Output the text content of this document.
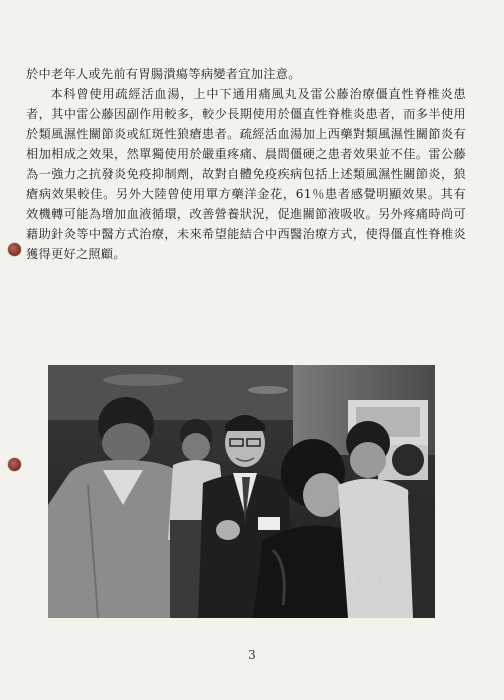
於中老年人或先前有胃腸潰瘍等病變者宜加注意。

本科曾使用疏經活血湯，上中下通用痛風丸及雷公藤治療僵直性脊椎炎患者，其中雷公藤因副作用較多，較少長期使用於僵直性脊椎炎患者，而多半使用於類風濕性關節炎或紅斑性狼瘡患者。疏經活血湯加上西藥對類風濕性關節炎有相加相成之效果，然單獨使用於嚴重疼痛、晨間僵硬之患者效果並不佳。雷公藤為一強力之抗發炎免疫抑制劑，故對自體免疫疾病包括上述類風濕性關節炎，狼瘡病效果較佳。另外大陸曾使用單方藥洋金花，61％患者感覺明顯效果。其有效機轉可能為增加血液循環，改善營養狀況，促進關節液吸收。另外疼痛時尚可藉助針灸等中醫方式治療，未來希望能結合中西醫治療方式，使得僵直性脊椎炎獲得更好之照顧。

'97 4
3
